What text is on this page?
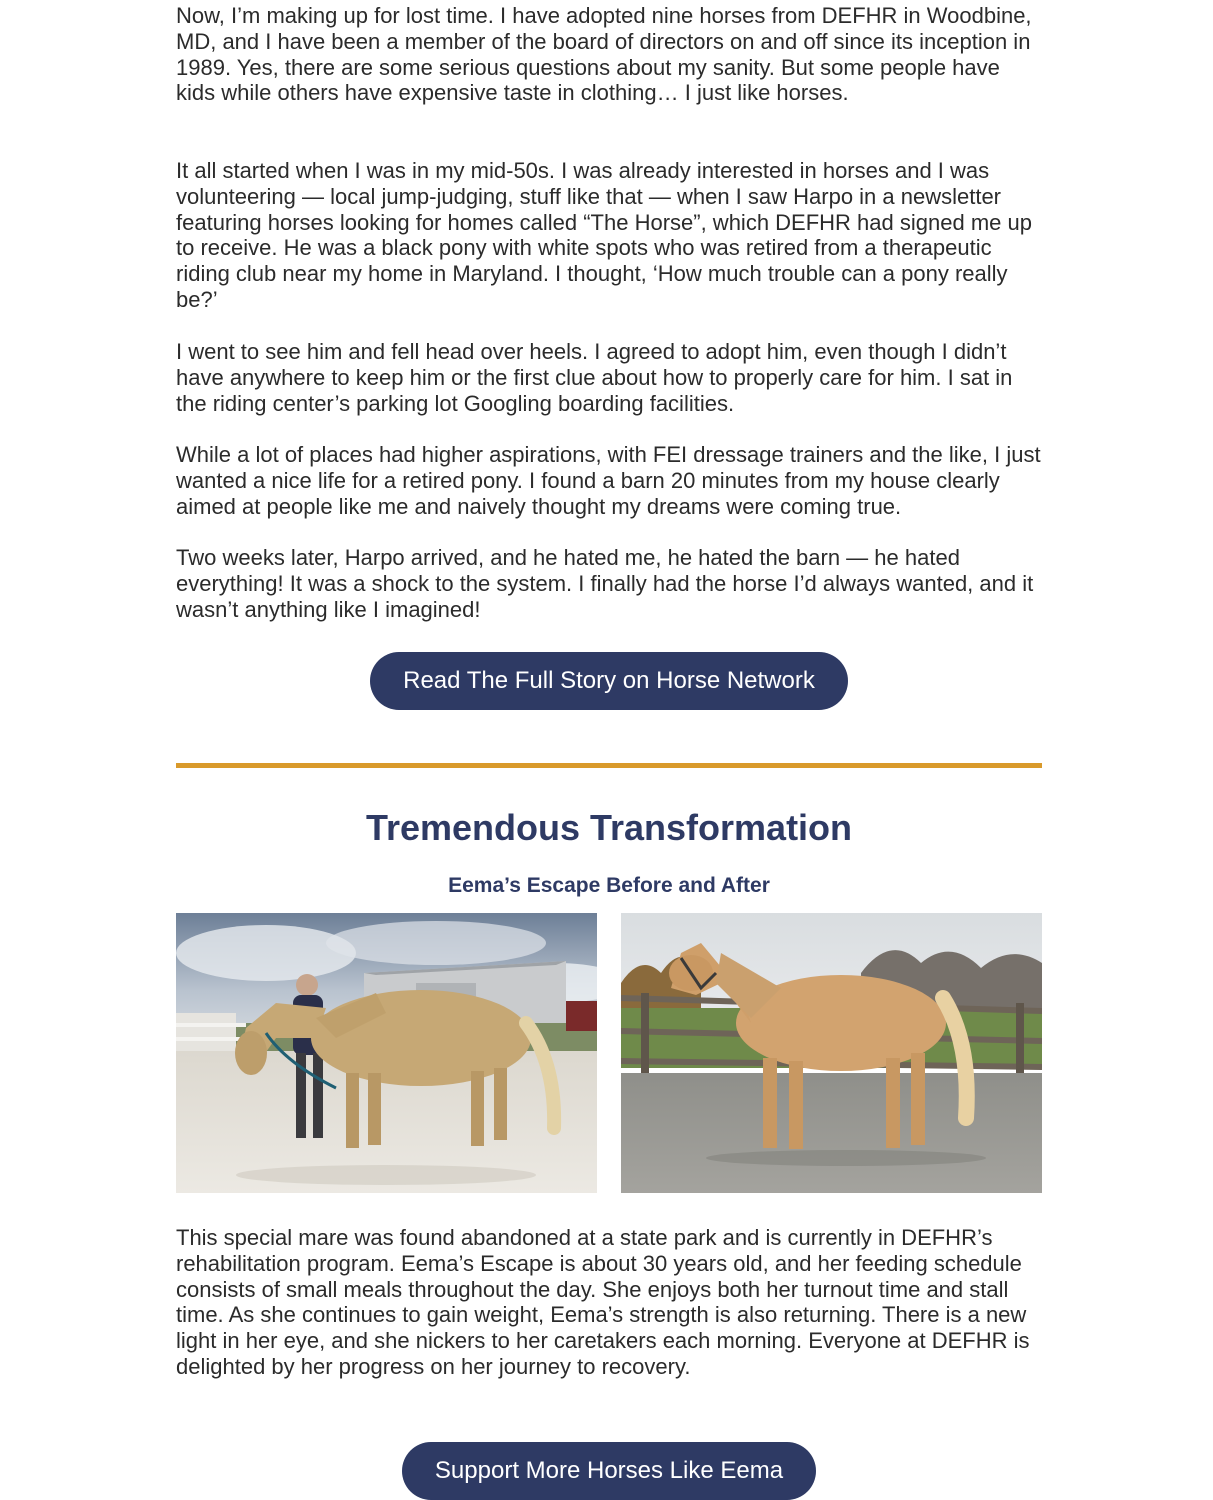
Now, I’m making up for lost time. I have adopted nine horses from DEFHR in Woodbine, MD, and I have been a member of the board of directors on and off since its inception in 1989. Yes, there are some serious questions about my sanity. But some people have kids while others have expensive taste in clothing… I just like horses.

It all started when I was in my mid-50s. I was already interested in horses and I was volunteering — local jump-judging, stuff like that — when I saw Harpo in a newsletter featuring horses looking for homes called “The Horse”, which DEFHR had signed me up to receive. He was a black pony with white spots who was retired from a therapeutic riding club near my home in Maryland. I thought, ‘How much trouble can a pony really be?’

I went to see him and fell head over heels. I agreed to adopt him, even though I didn’t have anywhere to keep him or the first clue about how to properly care for him. I sat in the riding center’s parking lot Googling boarding facilities.

While a lot of places had higher aspirations, with FEI dressage trainers and the like, I just wanted a nice life for a retired pony. I found a barn 20 minutes from my house clearly aimed at people like me and naively thought my dreams were coming true.

Two weeks later, Harpo arrived, and he hated me, he hated the barn — he hated everything! It was a shock to the system. I finally had the horse I’d always wanted, and it wasn’t anything like I imagined!

Read The Full Story on Horse Network
Tremendous Transformation
Eema’s Escape Before and After

This special mare was found abandoned at a state park and is currently in DEFHR’s rehabilitation program. Eema’s Escape is about 30 years old, and her feeding schedule consists of small meals throughout the day. She enjoys both her turnout time and stall time. As she continues to gain weight, Eema’s strength is also returning. There is a new light in her eye, and she nickers to her caretakers each morning. Everyone at DEFHR is delighted by her progress on her journey to recovery.

Support More Horses Like Eema
